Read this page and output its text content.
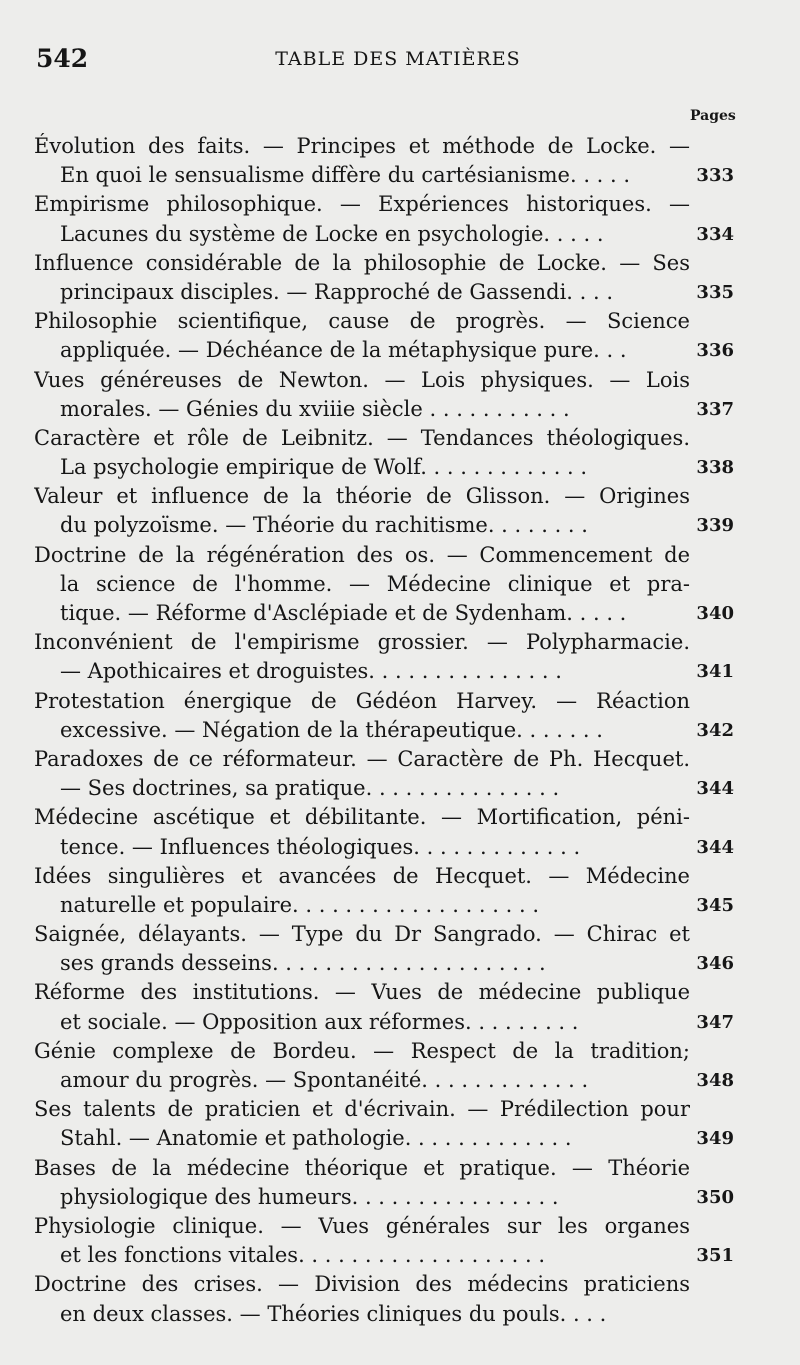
542	TABLE DES MATIÈRES
Pages
Évolution des faits. — Principes et méthode de Locke. —
En quoi le sensualisme diffère du cartésianisme. . . . .	333
Empirisme philosophique. — Expériences historiques. —
Lacunes du système de Locke en psychologie. . . . .	334
Influence considérable de la philosophie de Locke. — Ses
principaux disciples. — Rapproché de Gassendi. . . .	335
Philosophie scientifique, cause de progrès. — Science
appliquée. — Déchéance de la métaphysique pure. . .	336
Vues généreuses de Newton. — Lois physiques. — Lois
morales. — Génies du xviiie siècle . . . . . . . . . . .	337
Caractère et rôle de Leibnitz. — Tendances théologiques.
La psychologie empirique de Wolf. . . . . . . . . . . . .	338
Valeur et influence de la théorie de Glisson. — Origines
du polyzoïsme. — Théorie du rachitisme. . . . . . . .	339
Doctrine de la régénération des os. — Commencement de
la science de l'homme. — Médecine clinique et pra-
tique. — Réforme d'Asclépiade et de Sydenham. . . . .	340
Inconvénient de l'empirisme grossier. — Polypharmacie.
— Apothicaires et droguistes. . . . . . . . . . . . . . .	341
Protestation énergique de Gédéon Harvey. — Réaction
excessive. — Négation de la thérapeutique. . . . . . .	342
Paradoxes de ce réformateur. — Caractère de Ph. Hecquet.
— Ses doctrines, sa pratique. . . . . . . . . . . . . . .	344
Médecine ascétique et débilitante. — Mortification, péni-
tence. — Influences théologiques. . . . . . . . . . . . .	344
Idées singulières et avancées de Hecquet. — Médecine
naturelle et populaire. . . . . . . . . . . . . . . . . . .	345
Saignée, délayants. — Type du Dr Sangrado. — Chirac et
ses grands desseins. . . . . . . . . . . . . . . . . . . . .	346
Réforme des institutions. — Vues de médecine publique
et sociale. — Opposition aux réformes. . . . . . . . .	347
Génie complexe de Bordeu. — Respect de la tradition;
amour du progrès. — Spontanéité. . . . . . . . . . . . .	348
Ses talents de praticien et d'écrivain. — Prédilection pour
Stahl. — Anatomie et pathologie. . . . . . . . . . . . .	349
Bases de la médecine théorique et pratique. — Théorie
physiologique des humeurs. . . . . . . . . . . . . . . .	350
Physiologie clinique. — Vues générales sur les organes
et les fonctions vitales. . . . . . . . . . . . . . . . . . .	351
Doctrine des crises. — Division des médecins praticiens
en deux classes. — Théories cliniques du pouls. . . .
